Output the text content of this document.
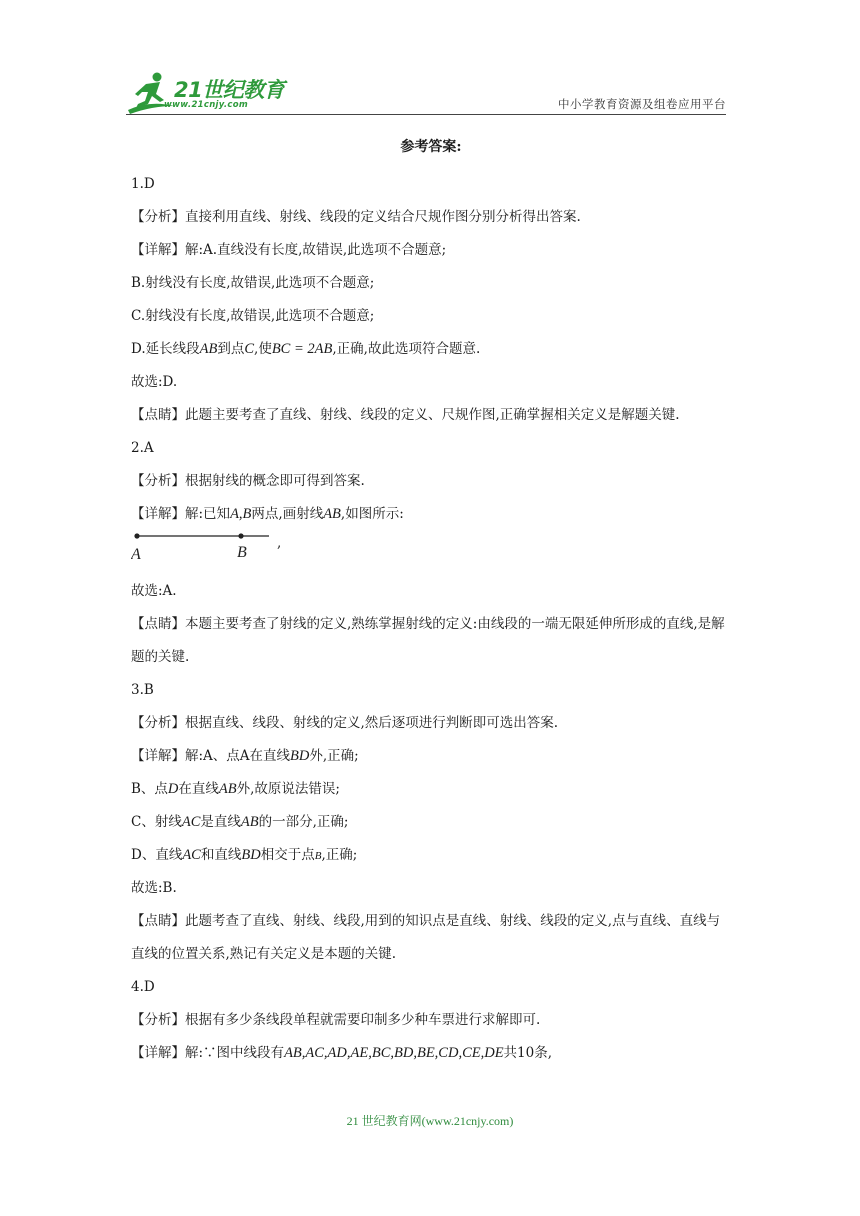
21世纪教育
www.21cnjy.com	中小学教育资源及组卷应用平台
参考答案:
1.D
【分析】直接利用直线、射线、线段的定义结合尺规作图分别分析得出答案.
【详解】解:A.直线没有长度,故错误,此选项不合题意;
B.射线没有长度,故错误,此选项不合题意;
C.射线没有长度,故错误,此选项不合题意;
D.延长线段AB到点C,使BC = 2AB,正确,故此选项符合题意.
故选:D.
【点睛】此题主要考查了直线、射线、线段的定义、尺规作图,正确掌握相关定义是解题关键.
2.A
【分析】根据射线的概念即可得到答案.
【详解】解:已知A,B两点,画射线AB,如图所示:
A	B
,
故选:A.
【点睛】本题主要考查了射线的定义,熟练掌握射线的定义:由线段的一端无限延伸所形成的直线,是解题的关键.
3.B
【分析】根据直线、线段、射线的定义,然后逐项进行判断即可选出答案.
【详解】解:A、点A在直线BD外,正确;
B、点D在直线AB外,故原说法错误;
C、射线AC是直线AB的一部分,正确;
D、直线AC和直线BD相交于点B,正确;
故选:B.
【点睛】此题考查了直线、射线、线段,用到的知识点是直线、射线、线段的定义,点与直线、直线与直线的位置关系,熟记有关定义是本题的关键.
4.D
【分析】根据有多少条线段单程就需要印制多少种车票进行求解即可.
【详解】解:∵图中线段有AB,AC,AD,AE,BC,BD,BE,CD,CE,DE共10条,
21 世纪教育网(www.21cnjy.com)
